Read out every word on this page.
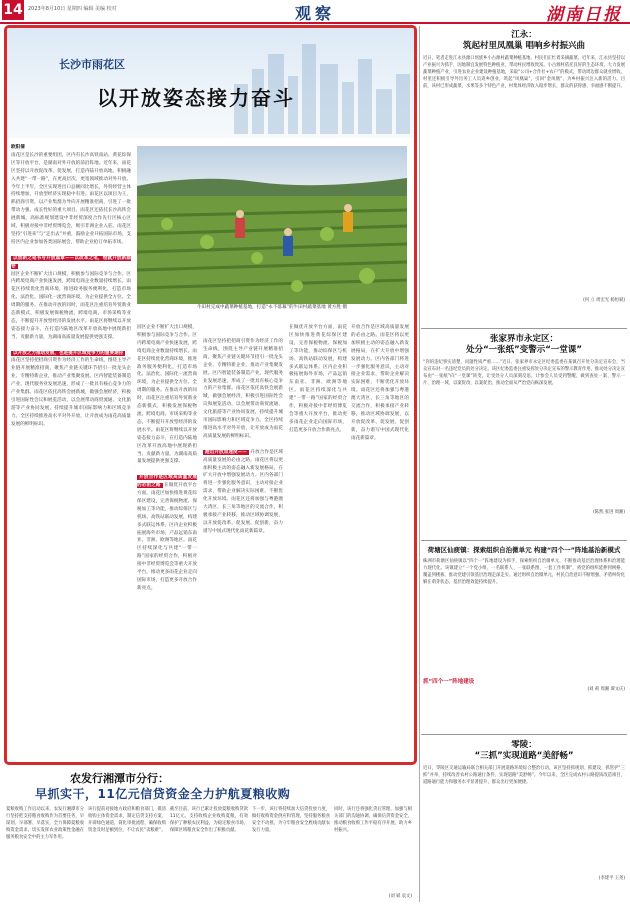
14 2023年8月10日 星期四 编辑 美编 校对	观察	湖南日报
长沙市雨花区
以开放姿态接力奋斗
欧阳倩
雨花区是长沙的重要组团，区内有长沙高铁南站、黄花综保区等开放平台，是湖南对外开放的前沿阵地。近年来，雨花区坚持以开放促改革、促发展，打造内陆开放高地，积极融入共建“一带一路”，在更高层次、更宽领域推动对外开放。今年上半年，全区实现进出口总额同比增长，外贸经营主体持续增加，开放型经济实现稳中有进。雨花区以项目为王，抓招商引资，以产业集群为导向开展精准招商，引进了一批带动力强、成长性好的重大项目。雨花区还依托长沙高铁会展新城，高标准规划建设中非经贸深度合作先行区核心区域，积极对接中非经贸博览会，吸引非洲企业入驻。雨花区坚持“引进来”与“走出去”并重，鼓励企业开拓国际市场，支持区内企业参加各类国际展会，帮助企业抢订单拓市场。

以创新之笔书写开放篇章——以改革之笔，绘就开放新画卷
园区企业不断扩大出口规模，积极参与国际竞争与合作。区内跨境电商产业快速发展，跨境电商企业数量持续增长。雨花区持续优化营商环境，推进政务服务便利化，打造市场化、法治化、国际化一流营商环境，为企业提供全方位、全周期的服务。在推动开放的同时，雨花区注重培育外贸新业态新模式，积极发展保税物流、跨境电商、市场采购等业态，不断提升开放型经济的发展水平。雨花区将继续以开放姿态接力奋斗，在打造内陆地区改革开放高地中展现新担当、贡献新力量，为湖南高质量发展提供更强支撑。

以开放之力推动发展，也是提升区域竞争力的重要途径
雨花区坚持把招商引资作为经济工作的生命线，围绕主导产业链开展精准招商，聚焦产业链关键环节招引一批龙头企业、专精特新企业，推动产业集聚发展。区内智能装备制造产业、现代服务业发展迅速，形成了一批具有核心竞争力的产业集群。雨花区依托高铁会展新城，做强会展经济，积极引进国际性会议和展览活动，以会展带动商贸流通、文化旅游等产业协同发展，持续提升城市国际影响力和区域竞争力。全区持续推进高水平对外开放，让开放成为雨花高质量发展的鲜明标识。
牛田村完成中蔬菜种植基地，打造“永不落幕”的牛田村蔬菜基地 黄方胜 摄
园区企业不断扩大出口规模，积极参与国际竞争与合作。区内跨境电商产业快速发展，跨境电商企业数量持续增长。雨花区持续优化营商环境，推进政务服务便利化，打造市场化、法治化、国际化一流营商环境，为企业提供全方位、全周期的服务。在推动开放的同时，雨花区注重培育外贸新业态新模式，积极发展保税物流、跨境电商、市场采购等业态，不断提升开放型经济的发展水平。雨花区将继续以开放姿态接力奋斗，在打造内陆地区改革开放高地中展现新担当、贡献新力量，为湖南高质量发展提供更强支撑。

开放合作是区域高质量发展的必由之路 在做优开放平台方面，雨花区加快推进黄花综保区建设，完善保税物流、保税加工等功能，推动综保区与机场、高铁站联动发展，构建多式联运体系。区内企业积极拓展海外市场，产品远销东南亚、非洲、欧洲等地区。雨花区持续深化与共建“一带一路”国家的经贸合作，积极对接中非经贸博览会等重大开放平台，推动更多雨花企业走向国际市场，打造更多开放合作新亮点。
雨花区坚持把招商引资作为经济工作的生命线，围绕主导产业链开展精准招商，聚焦产业链关键环节招引一批龙头企业、专精特新企业，推动产业集聚发展。区内智能装备制造产业、现代服务业发展迅速，形成了一批具有核心竞争力的产业集群。雨花区依托高铁会展新城，做强会展经济，积极引进国际性会议和展览活动，以会展带动商贸流通、文化旅游等产业协同发展，持续提升城市国际影响力和区域竞争力。全区持续推进高水平对外开放，让开放成为雨花高质量发展的鲜明标识。

跑出开放加速度—— 开放合作是区域高质量发展的必由之路。雨花区将以更加积极主动的姿态融入新发展格局，在扩大开放中增强发展动力。区内各部门将进一步强化服务意识，主动对接企业需求，帮助企业解决实际困难，不断优化开放环境。雨花区还将加强与粤港澳大湾区、长三角等地区的交流合作，积极承接产业转移，推动区域协调发展，以开放促改革、促发展、促创新，奋力谱写中国式现代化雨花新篇章。
在做优开放平台方面，雨花区加快推进黄花综保区建设，完善保税物流、保税加工等功能，推动综保区与机场、高铁站联动发展，构建多式联运体系。区内企业积极拓展海外市场，产品远销东南亚、非洲、欧洲等地区。雨花区持续深化与共建“一带一路”国家的经贸合作，积极对接中非经贸博览会等重大开放平台，推动更多雨花企业走向国际市场，打造更多开放合作新亮点。
开放合作是区域高质量发展的必由之路。雨花区将以更加积极主动的姿态融入新发展格局，在扩大开放中增强发展动力。区内各部门将进一步强化服务意识，主动对接企业需求，帮助企业解决实际困难，不断优化开放环境。雨花区还将加强与粤港澳大湾区、长三角等地区的交流合作，积极承接产业转移，推动区域协调发展，以开放促改革、促发展、促创新，奋力谱写中国式现代化雨花新篇章。
江永：
筑起村里凤凰巢 唱响乡村振兴曲
近日，笔者走进江永县源口瑶族乡小古源村蔬菜种植基地，村民们正忙着采摘蔬菜。近年来，江永县坚持以产业振兴为抓手，因地制宜发展特色种植业，带动村民增收致富。小古源村依托良好的生态环境，大力发展蔬菜种植产业，引进农业企业建设种植基地，采取“公司+合作社+农户”的模式，带动周边群众就业增收。村里还积极引导外出务工人员返乡创业，筑起“凤凰巢”，引回“金凤凰”，为乡村振兴注入新的活力。目前，该村已形成蔬菜、水果等多个特色产业，村集体经济收入稳步增长，群众的获得感、幸福感不断提升。
(何 立 周宏光 杨恒斌)
张家界市永定区：
处分“一张纸”变警示“一堂课”
“你的违纪事实清楚，问题性质严重……”近日，张家界市永定区纪委监委在某镇召开处分决定宣布会，当众宣布对一名违纪党员的处分决定。该区纪委监委注重发挥处分决定宣布的警示教育作用，推动处分决定宣布由“一张纸”向“一堂课”转变，让受处分人员深刻反思，让参会人员受到警醒，做到查处一案、警示一片、治理一域，以案促改、以案促治，推动全面从严治党向纵深发展。
(陈凯 张进 周湘)
荷塘区仙庾镇：探索组织自治微单元 构建“四个一”阵地基治新模式
株洲市荷塘区仙庾镇以“四个一”阵地建设为抓手，探索组织自治微单元，不断推动基层治理体系和治理能力现代化。该镇建立“一个党小组、一名联系人、一张联系图、一套工作机制”，将党的组织延伸到网格、覆盖到楼栋，推动党建引领基层治理走深走实。通过组织自治微单元，村民自治意识不断增强，矛盾纠纷化解在萌芽状态，基层治理效能持续提升。
抓“四个一”阵地建设
(刘 莉 周湘 谭文庆)
零陵：
“三抓”实现道路“美舒畅”
近日，零陵区交通运输局联合相关部门开展道路环境综合整治行动。该区坚持抓规划、抓建设、抓管护“三抓”并举，持续改善农村公路通行条件，实现道路“美舒畅”。今年以来，全区完成农村公路提质改造项目，道路通行能力和服务水平显著提升，群众出行更加便捷。
(李建平 王尧)
农发行湘潭市分行：
早抓实干，11亿元信贷资金全力护航夏粮收购
夏粮收购工作启动以来，农发行湘潭市分行坚持把支持粮食收购作为首要任务，早谋划、早部署、早落实，全力保障夏粮收购资金需求，切实发挥农业政策性金融在服务粮食安全中的主力军作用。
该行提前对接地方政府和粮食部门，摸清收购主体资金需求，制定信贷支持方案，开辟绿色通道，简化审批流程，确保收购资金及时足额到位，不让农民“卖粮难”。
截至目前，该行已累计投放夏粮收购贷款11亿元，支持收购企业收购夏粮，有效保护了种粮农民利益，为稳定粮食市场、保障区域粮食安全作出了积极贡献。
下一步，该行将持续加大信贷投放力度，做好收购资金供应和管理，坚持服务粮食安全不动摇，为守牢粮食安全底线贡献农发行力量。
同时，该行还将强化贷后管理，加强与相关部门的沟通协调，确保信贷资金安全，推动粮食收购工作平稳有序开展，助力乡村振兴。
(刘 斌 袁文)
